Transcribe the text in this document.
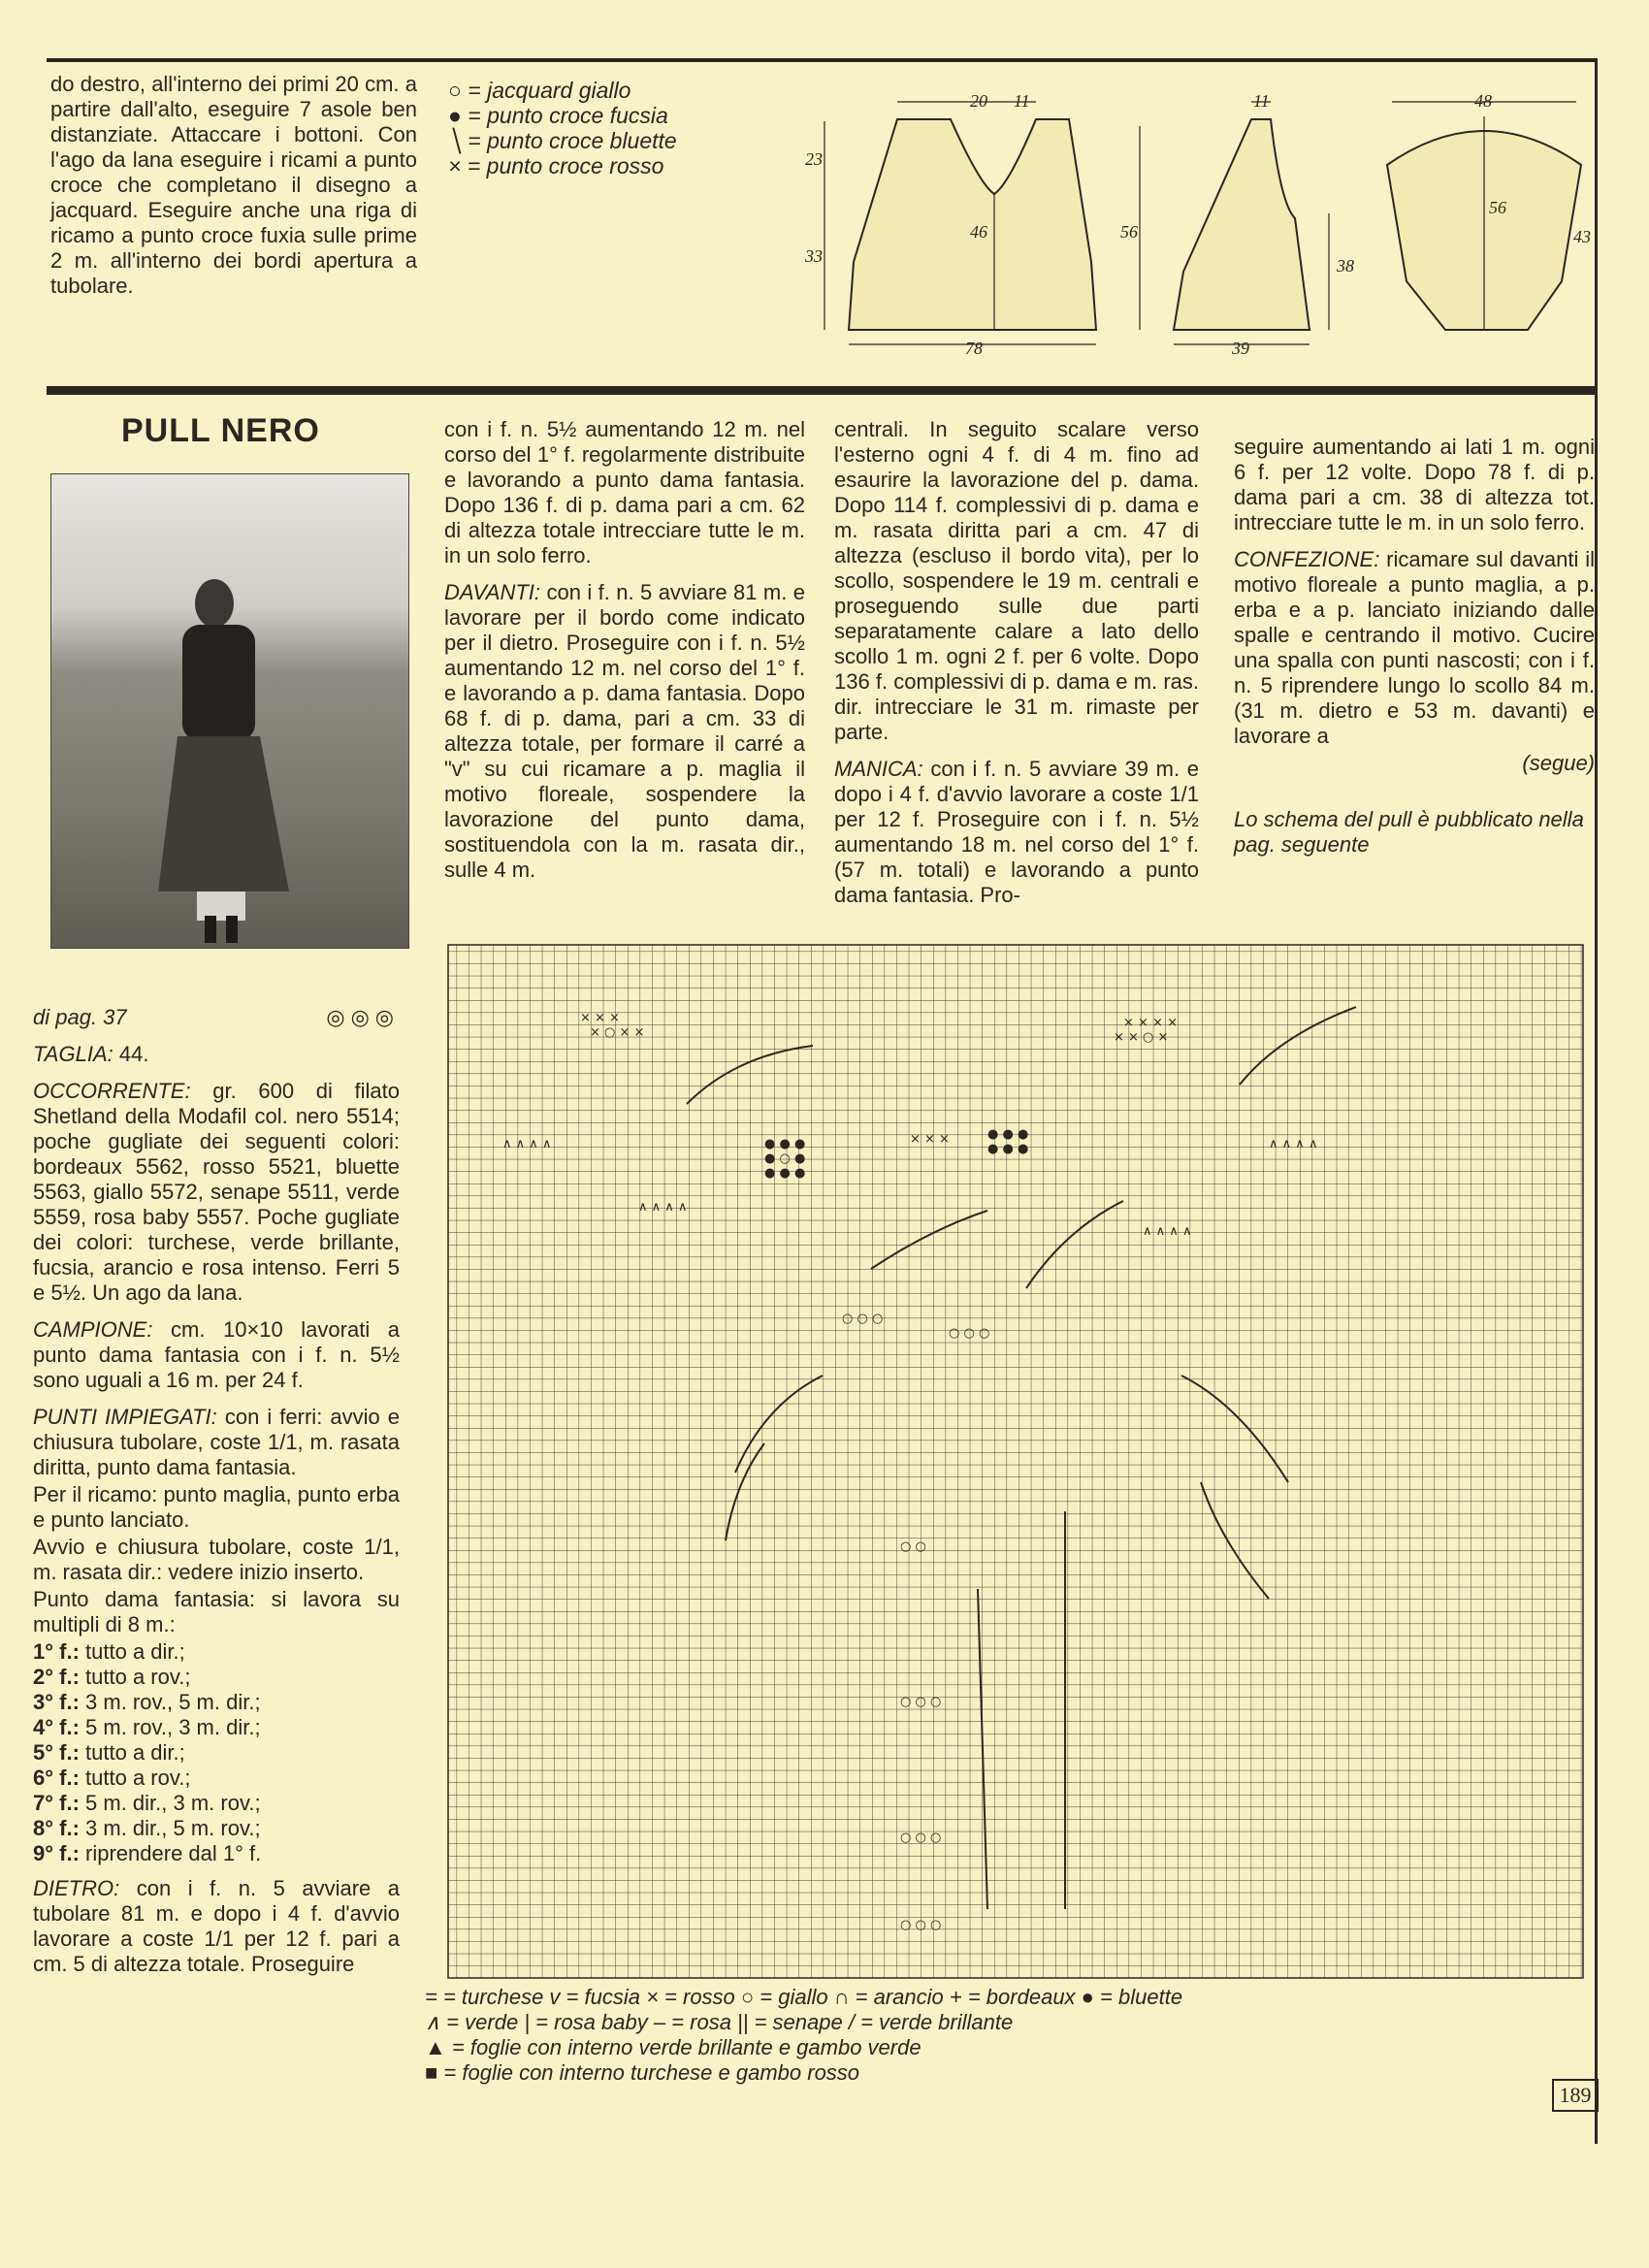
do destro, all'interno dei primi 20 cm. a partire dall'alto, eseguire 7 asole ben distanziate. Attaccare i bottoni. Con l'ago da lana eseguire i ricami a punto croce che completano il disegno a jacquard. Eseguire anche una riga di ricamo a punto croce fuxia sulle prime 2 m. all'interno dei bordi apertura a tubolare.
○ = jacquard giallo
● = punto croce fucsia
╲ = punto croce bluette
× = punto croce rosso
20 11
23
33
46
78
11
56
38
39
48
56
43
PULL NERO

di pag. 37	◎◎◎

TAGLIA: 44.

OCCORRENTE: gr. 600 di filato Shetland della Modafil col. nero 5514; poche gugliate dei seguenti colori: bordeaux 5562, rosso 5521, bluette 5563, giallo 5572, senape 5511, verde 5559, rosa baby 5557. Poche gugliate dei colori: turchese, verde brillante, fucsia, arancio e rosa intenso. Ferri 5 e 5½. Un ago da lana.

CAMPIONE: cm. 10×10 lavorati a punto dama fantasia con i f. n. 5½ sono uguali a 16 m. per 24 f.

PUNTI IMPIEGATI: con i ferri: avvio e chiusura tubolare, coste 1/1, m. rasata diritta, punto dama fantasia.

Per il ricamo: punto maglia, punto erba e punto lanciato.

Avvio e chiusura tubolare, coste 1/1, m. rasata dir.: vedere inizio inserto.

Punto dama fantasia: si lavora su multipli di 8 m.:

1° f.: tutto a dir.;
2° f.: tutto a rov.;
3° f.: 3 m. rov., 5 m. dir.;
4° f.: 5 m. rov., 3 m. dir.;
5° f.: tutto a dir.;
6° f.: tutto a rov.;
7° f.: 5 m. dir., 3 m. rov.;
8° f.: 3 m. dir., 5 m. rov.;
9° f.: riprendere dal 1° f.

DIETRO: con i f. n. 5 avviare a tubolare 81 m. e dopo i 4 f. d'avvio lavorare a coste 1/1 per 12 f. pari a cm. 5 di altezza totale. Proseguire

con i f. n. 5½ aumentando 12 m. nel corso del 1° f. regolarmente distribuite e lavorando a punto dama fantasia. Dopo 136 f. di p. dama pari a cm. 62 di altezza totale intrecciare tutte le m. in un solo ferro.

DAVANTI: con i f. n. 5 avviare 81 m. e lavorare per il bordo come indicato per il dietro. Proseguire con i f. n. 5½ aumentando 12 m. nel corso del 1° f. e lavorando a p. dama fantasia. Dopo 68 f. di p. dama, pari a cm. 33 di altezza totale, per formare il carré a "v" su cui ricamare a p. maglia il motivo floreale, sospendere la lavorazione del punto dama, sostituendola con la m. rasata dir., sulle 4 m.

centrali. In seguito scalare verso l'esterno ogni 4 f. di 4 m. fino ad esaurire la lavorazione del p. dama. Dopo 114 f. complessivi di p. dama e m. rasata diritta pari a cm. 47 di altezza (escluso il bordo vita), per lo scollo, sospendere le 19 m. centrali e proseguendo sulle due parti separatamente calare a lato dello scollo 1 m. ogni 2 f. per 6 volte. Dopo 136 f. complessivi di p. dama e m. ras. dir. intrecciare le 31 m. rimaste per parte.

MANICA: con i f. n. 5 avviare 39 m. e dopo i 4 f. d'avvio lavorare a coste 1/1 per 12 f. Proseguire con i f. n. 5½ aumentando 18 m. nel corso del 1° f. (57 m. totali) e lavorando a punto dama fantasia. Pro-

seguire aumentando ai lati 1 m. ogni 6 f. per 12 volte. Dopo 78 f. di p. dama pari a cm. 38 di altezza tot. intrecciare tutte le m. in un solo ferro.

CONFEZIONE: ricamare sul davanti il motivo floreale a punto maglia, a p. erba e a p. lanciato iniziando dalle spalle e centrando il motivo. Cucire una spalla con punti nascosti; con i f. n. 5 riprendere lungo lo scollo 84 m. (31 m. dietro e 53 m. davanti) e lavorare a

(segue)
Lo schema del pull è pubblicato nella pag. seguente
× × ×
× ○ × ×
× × × ×
× × ○ ×
● ● ●
● ○ ●
● ● ●
× × ×	● ● ●
● ● ●
∧ ∧ ∧ ∧
∧ ∧ ∧ ∧	∧ ∧ ∧ ∧
∧ ∧ ∧ ∧
○ ○ ○
○ ○ ○
○ ○
○ ○ ○
○ ○ ○
○ ○ ○
= = turchese v = fucsia × = rosso ○ = giallo ∩ = arancio + = bordeaux ● = bluette
∧ = verde | = rosa baby – = rosa || = senape / = verde brillante
▲ = foglie con interno verde brillante e gambo verde
■ = foglie con interno turchese e gambo rosso
189
